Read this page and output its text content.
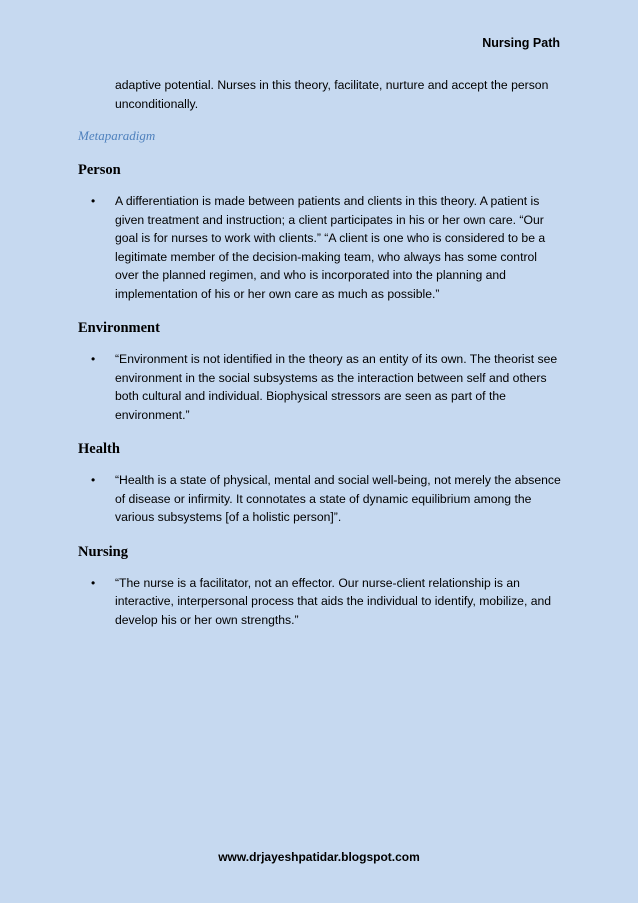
Nursing Path

adaptive potential. Nurses in this theory, facilitate, nurture and accept the person unconditionally.

Metaparadigm
Person
• A differentiation is made between patients and clients in this theory. A patient is given treatment and instruction; a client participates in his or her own care. “Our goal is for nurses to work with clients.” “A client is one who is considered to be a legitimate member of the decision-making team, who always has some control over the planned regimen, and who is incorporated into the planning and implementation of his or her own care as much as possible.”
Environment
• “Environment is not identified in the theory as an entity of its own. The theorist see environment in the social subsystems as the interaction between self and others both cultural and individual. Biophysical stressors are seen as part of the environment.”
Health
• “Health is a state of physical, mental and social well-being, not merely the absence of disease or infirmity. It connotates a state of dynamic equilibrium among the various subsystems [of a holistic person]”.
Nursing
• “The nurse is a facilitator, not an effector. Our nurse-client relationship is an interactive, interpersonal process that aids the individual to identify, mobilize, and develop his or her own strengths.”
www.drjayeshpatidar.blogspot.com
